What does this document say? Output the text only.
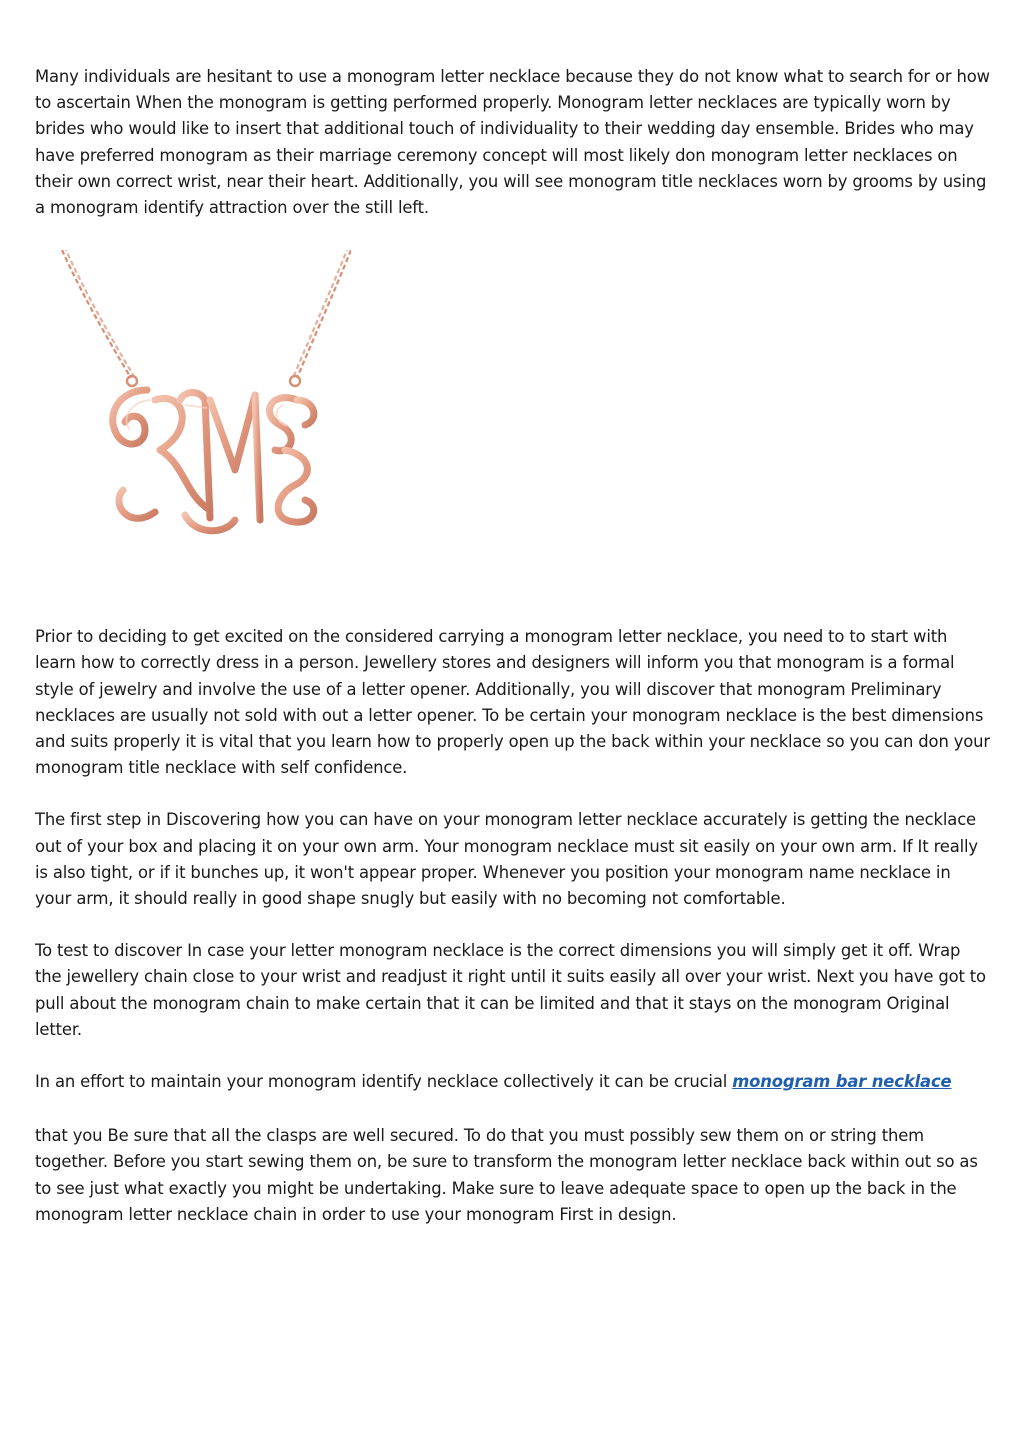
Many individuals are hesitant to use a monogram letter necklace because they do not know what to search for or how to ascertain When the monogram is getting performed properly. Monogram letter necklaces are typically worn by brides who would like to insert that additional touch of individuality to their wedding day ensemble. Brides who may have preferred monogram as their marriage ceremony concept will most likely don monogram letter necklaces on their own correct wrist, near their heart. Additionally, you will see monogram title necklaces worn by grooms by using a monogram identify attraction over the still left.

Prior to deciding to get excited on the considered carrying a monogram letter necklace, you need to to start with learn how to correctly dress in a person. Jewellery stores and designers will inform you that monogram is a formal style of jewelry and involve the use of a letter opener. Additionally, you will discover that monogram Preliminary necklaces are usually not sold with out a letter opener. To be certain your monogram necklace is the best dimensions and suits properly it is vital that you learn how to properly open up the back within your necklace so you can don your monogram title necklace with self confidence.

The first step in Discovering how you can have on your monogram letter necklace accurately is getting the necklace out of your box and placing it on your own arm. Your monogram necklace must sit easily on your own arm. If It really is also tight, or if it bunches up, it won't appear proper. Whenever you position your monogram name necklace in your arm, it should really in good shape snugly but easily with no becoming not comfortable.

To test to discover In case your letter monogram necklace is the correct dimensions you will simply get it off. Wrap the jewellery chain close to your wrist and readjust it right until it suits easily all over your wrist. Next you have got to pull about the monogram chain to make certain that it can be limited and that it stays on the monogram Original letter.

In an effort to maintain your monogram identify necklace collectively it can be crucial monogram bar necklace

that you Be sure that all the clasps are well secured. To do that you must possibly sew them on or string them together. Before you start sewing them on, be sure to transform the monogram letter necklace back within out so as to see just what exactly you might be undertaking. Make sure to leave adequate space to open up the back in the monogram letter necklace chain in order to use your monogram First in design.
